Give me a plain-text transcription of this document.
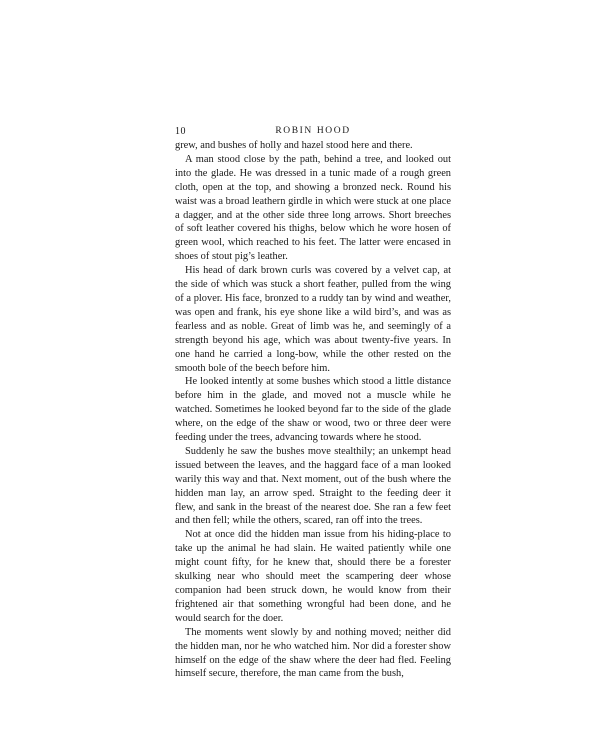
10	ROBIN HOOD

grew, and bushes of holly and hazel stood here and there.

A man stood close by the path, behind a tree, and looked out into the glade. He was dressed in a tunic made of a rough green cloth, open at the top, and showing a bronzed neck. Round his waist was a broad leathern girdle in which were stuck at one place a dagger, and at the other side three long arrows. Short breeches of soft leather covered his thighs, below which he wore hosen of green wool, which reached to his feet. The latter were encased in shoes of stout pig’s leather.

His head of dark brown curls was covered by a velvet cap, at the side of which was stuck a short feather, pulled from the wing of a plover. His face, bronzed to a ruddy tan by wind and weather, was open and frank, his eye shone like a wild bird’s, and was as fearless and as noble. Great of limb was he, and seemingly of a strength beyond his age, which was about twenty-five years. In one hand he carried a long-bow, while the other rested on the smooth bole of the beech before him.

He looked intently at some bushes which stood a little distance before him in the glade, and moved not a muscle while he watched. Sometimes he looked beyond far to the side of the glade where, on the edge of the shaw or wood, two or three deer were feeding under the trees, advancing towards where he stood.

Suddenly he saw the bushes move stealthily; an unkempt head issued between the leaves, and the haggard face of a man looked warily this way and that. Next moment, out of the bush where the hidden man lay, an arrow sped. Straight to the feeding deer it flew, and sank in the breast of the nearest doe. She ran a few feet and then fell; while the others, scared, ran off into the trees.

Not at once did the hidden man issue from his hiding-place to take up the animal he had slain. He waited patiently while one might count fifty, for he knew that, should there be a forester skulking near who should meet the scampering deer whose companion had been struck down, he would know from their frightened air that something wrongful had been done, and he would search for the doer.

The moments went slowly by and nothing moved; neither did the hidden man, nor he who watched him. Nor did a forester show himself on the edge of the shaw where the deer had fled. Feeling himself secure, therefore, the man came from the bush,
